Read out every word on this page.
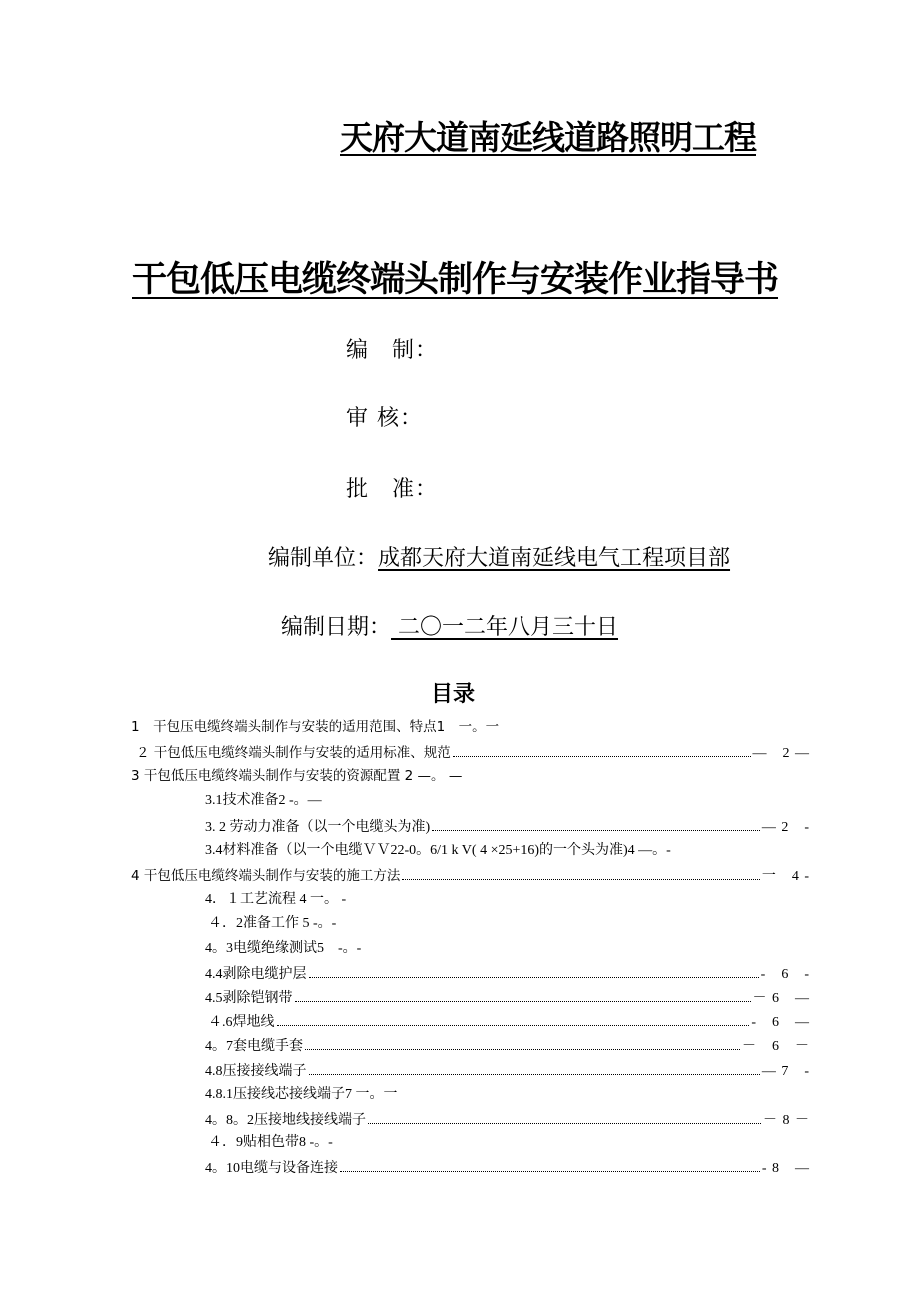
天府大道南延线道路照明工程
干包低压电缆终端头制作与安装作业指导书
编　制：
审 核：
批　准：
编制单位：成都天府大道南延线电气工程项目部
编制日期： 二〇一二年八月三十日
目录
1　干包压电缆终端头制作与安装的适用范围、特点1　一。一
２ 干包低压电缆终端头制作与安装的适用标准、规范	—　2 —
3 干包低压电缆终端头制作与安装的资源配置 2 —。 —
3.1技术准备2 -。—
3. 2 劳动力准备（以一个电缆头为准)	— 2　-
3.4材料准备（以一个电缆ＶＶ22-0。6/1 k V( 4 ×25+16)的一个头为准)4 —。-
4 干包低压电缆终端头制作与安装的施工方法	一　4 -
4．１工艺流程 4 一。 -
４．2准备工作 5 -。-
4。3电缆绝缘测试5　-。-
4.4剥除电缆护层	-　6　-
4.5剥除铠钢带	－ 6　—
４.6焊地线	-　6　—
4。7套电缆手套	－　6　－
4.8压接接线端子	— 7　-
4.8.1压接线芯接线端子7 一。一
4。8。2压接地线接线端子	－ 8 －
４．9贴相色带8 -。-
4。10电缆与设备连接	- 8　—
